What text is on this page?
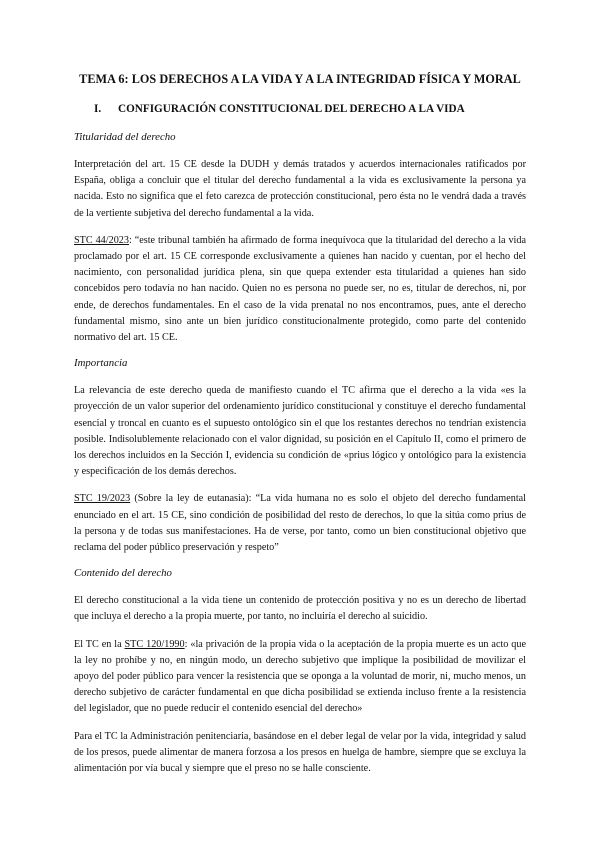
TEMA 6: LOS DERECHOS A LA VIDA Y A LA INTEGRIDAD FÍSICA Y MORAL
I. CONFIGURACIÓN CONSTITUCIONAL DEL DERECHO A LA VIDA
Titularidad del derecho

Interpretación del art. 15 CE desde la DUDH y demás tratados y acuerdos internacionales ratificados por España, obliga a concluir que el titular del derecho fundamental a la vida es exclusivamente la persona ya nacida. Esto no significa que el feto carezca de protección constitucional, pero ésta no le vendrá dada a través de la vertiente subjetiva del derecho fundamental a la vida.

STC 44/2023: “este tribunal también ha afirmado de forma inequívoca que la titularidad del derecho a la vida proclamado por el art. 15 CE corresponde exclusivamente a quienes han nacido y cuentan, por el hecho del nacimiento, con personalidad jurídica plena, sin que quepa extender esta titularidad a quienes han sido concebidos pero todavía no han nacido. Quien no es persona no puede ser, no es, titular de derechos, ni, por ende, de derechos fundamentales. En el caso de la vida prenatal no nos encontramos, pues, ante el derecho fundamental mismo, sino ante un bien jurídico constitucionalmente protegido, como parte del contenido normativo del art. 15 CE.

Importancia

La relevancia de este derecho queda de manifiesto cuando el TC afirma que el derecho a la vida «es la proyección de un valor superior del ordenamiento jurídico constitucional y constituye el derecho fundamental esencial y troncal en cuanto es el supuesto ontológico sin el que los restantes derechos no tendrían existencia posible. Indisolublemente relacionado con el valor dignidad, su posición en el Capítulo II, como el primero de los derechos incluidos en la Sección I, evidencia su condición de «prius lógico y ontológico para la existencia y especificación de los demás derechos.

STC 19/2023 (Sobre la ley de eutanasia): “La vida humana no es solo el objeto del derecho fundamental enunciado en el art. 15 CE, sino condición de posibilidad del resto de derechos, lo que la sitúa como prius de la persona y de todas sus manifestaciones. Ha de verse, por tanto, como un bien constitucional objetivo que reclama del poder público preservación y respeto”

Contenido del derecho

El derecho constitucional a la vida tiene un contenido de protección positiva y no es un derecho de libertad que incluya el derecho a la propia muerte, por tanto, no incluiría el derecho al suicidio.

El TC en la STC 120/1990: «la privación de la propia vida o la aceptación de la propia muerte es un acto que la ley no prohíbe y no, en ningún modo, un derecho subjetivo que implique la posibilidad de movilizar el apoyo del poder público para vencer la resistencia que se oponga a la voluntad de morir, ni, mucho menos, un derecho subjetivo de carácter fundamental en que dicha posibilidad se extienda incluso frente a la resistencia del legislador, que no puede reducir el contenido esencial del derecho»

Para el TC la Administración penitenciaria, basándose en el deber legal de velar por la vida, integridad y salud de los presos, puede alimentar de manera forzosa a los presos en huelga de hambre, siempre que se excluya la alimentación por vía bucal y siempre que el preso no se halle consciente.
